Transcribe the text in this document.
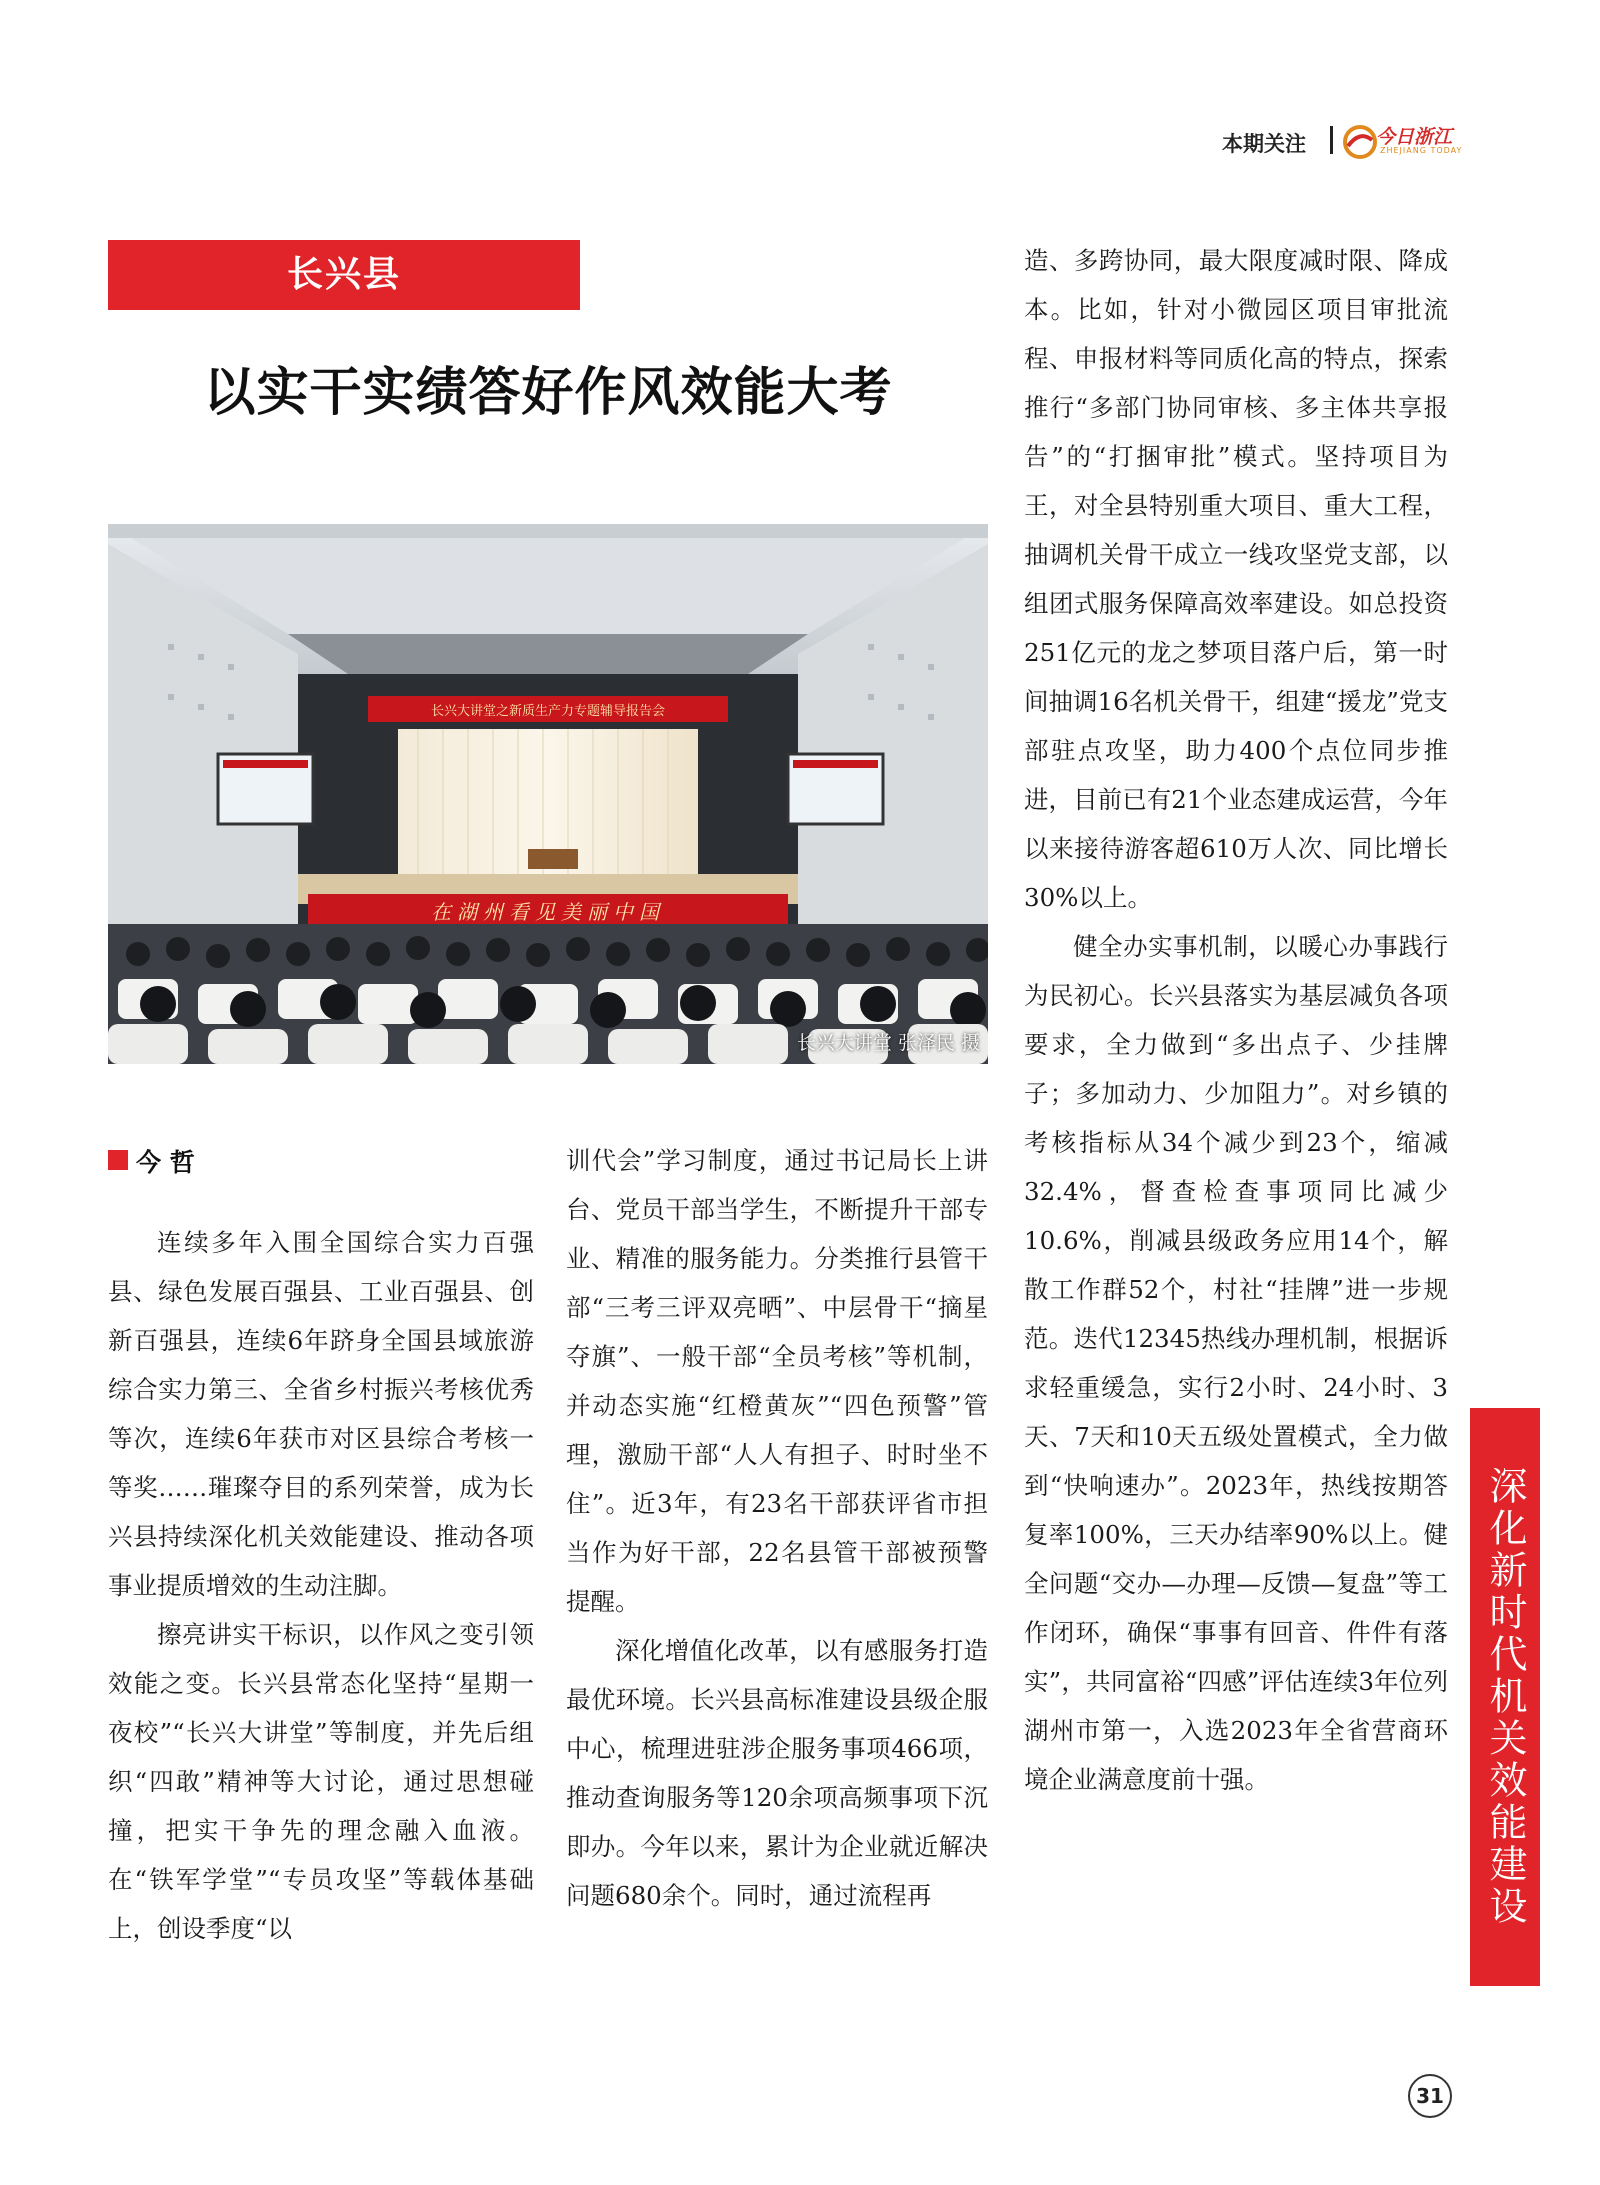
本期关注	今日浙江
ZHEJIANG TODAY
长兴县
以实干实绩答好作风效能大考
长兴大讲堂之新质生产力专题辅导报告会
在湖州看见美丽中国
长兴大讲堂 张泽民 摄
今 哲

连续多年入围全国综合实力百强县、绿色发展百强县、工业百强县、创新百强县，连续6年跻身全国县域旅游综合实力第三、全省乡村振兴考核优秀等次，连续6年获市对区县综合考核一等奖……璀璨夺目的系列荣誉，成为长兴县持续深化机关效能建设、推动各项事业提质增效的生动注脚。

擦亮讲实干标识，以作风之变引领效能之变。长兴县常态化坚持“星期一夜校”“长兴大讲堂”等制度，并先后组织“四敢”精神等大讨论，通过思想碰撞，把实干争先的理念融入血液。在“铁军学堂”“专员攻坚”等载体基础上，创设季度“以

训代会”学习制度，通过书记局长上讲台、党员干部当学生，不断提升干部专业、精准的服务能力。分类推行县管干部“三考三评双亮晒”、中层骨干“摘星夺旗”、一般干部“全员考核”等机制，并动态实施“红橙黄灰”“四色预警”管理，激励干部“人人有担子、时时坐不住”。近3年，有23名干部获评省市担当作为好干部，22名县管干部被预警提醒。

深化增值化改革，以有感服务打造最优环境。长兴县高标准建设县级企服中心，梳理进驻涉企服务事项466项，推动查询服务等120余项高频事项下沉即办。今年以来，累计为企业就近解决问题680余个。同时，通过流程再

造、多跨协同，最大限度减时限、降成本。比如，针对小微园区项目审批流程、申报材料等同质化高的特点，探索推行“多部门协同审核、多主体共享报告”的“打捆审批”模式。坚持项目为王，对全县特别重大项目、重大工程，抽调机关骨干成立一线攻坚党支部，以组团式服务保障高效率建设。如总投资251亿元的龙之梦项目落户后，第一时间抽调16名机关骨干，组建“援龙”党支部驻点攻坚，助力400个点位同步推进，目前已有21个业态建成运营，今年以来接待游客超610万人次、同比增长30%以上。

健全办实事机制，以暖心办事践行为民初心。长兴县落实为基层减负各项要求，全力做到“多出点子、少挂牌子；多加动力、少加阻力”。对乡镇的考核指标从34个减少到23个，缩减32.4%，督查检查事项同比减少10.6%，削减县级政务应用14个，解散工作群52个，村社“挂牌”进一步规范。迭代12345热线办理机制，根据诉求轻重缓急，实行2小时、24小时、3天、7天和10天五级处置模式，全力做到“快响速办”。2023年，热线按期答复率100%，三天办结率90%以上。健全问题“交办—办理—反馈—复盘”等工作闭环，确保“事事有回音、件件有落实”，共同富裕“四感”评估连续3年位列湖州市第一，入选2023年全省营商环境企业满意度前十强。	深化新时代机关效能建设
31
